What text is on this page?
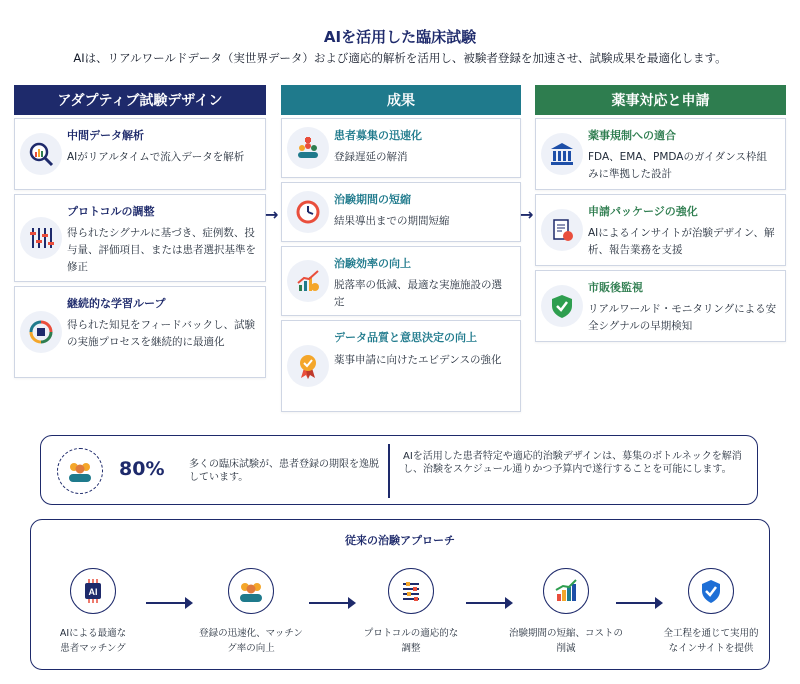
AIを活用した臨床試験
AIは、リアルワールドデータ（実世界データ）および適応的解析を活用し、被験者登録を加速させ、試験成果を最適化します。
アダプティブ試験デザイン
中間データ解析
AIがリアルタイムで流入データを解析
プロトコルの調整
得られたシグナルに基づき、症例数、投与量、評価項目、または患者選択基準を修正
継続的な学習ループ
得られた知見をフィードバックし、試験の実施プロセスを継続的に最適化
→
成果
患者募集の迅速化
登録遅延の解消
治験期間の短縮
結果導出までの期間短縮
治験効率の向上
脱落率の低減、最適な実施施設の選定
データ品質と意思決定の向上
薬事申請に向けたエビデンスの強化
→
薬事対応と申請
薬事規制への適合
FDA、EMA、PMDAのガイダンス枠組みに準拠した設計
申請パッケージの強化
AIによるインサイトが治験デザイン、解析、報告業務を支援
市販後監視
リアルワールド・モニタリングによる安全シグナルの早期検知
80% 多くの臨床試験が、患者登録の期限を逸脱しています。
AIを活用した患者特定や適応的治験デザインは、募集のボトルネックを解消し、治験をスケジュール通りかつ予算内で遂行することを可能にします。
従来の治験アプローチ
AI
AIによる最適な患者マッチング
登録の迅速化、マッチング率の向上
プロトコルの適応的な調整
治験期間の短縮、コストの削減
全工程を通じて実用的なインサイトを提供
